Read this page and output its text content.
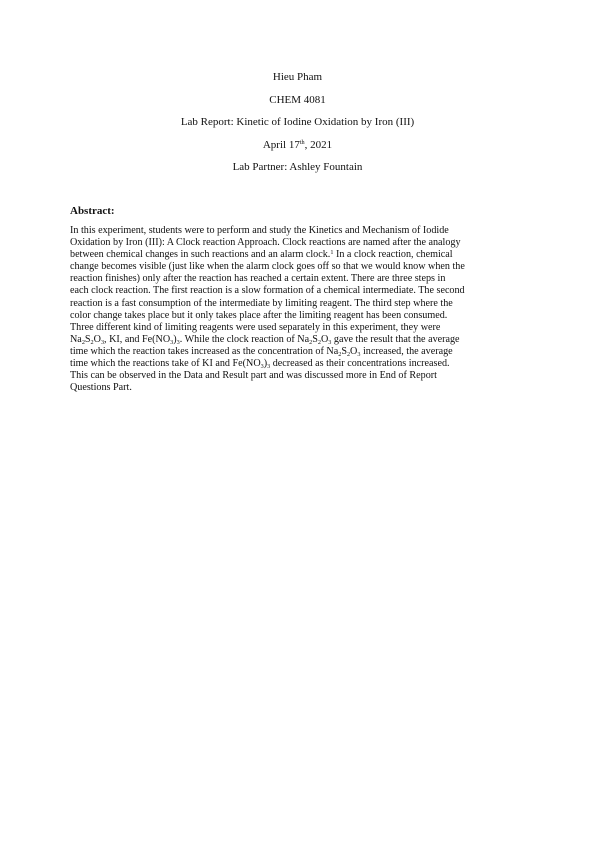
Hieu Pham
CHEM 4081
Lab Report: Kinetic of Iodine Oxidation by Iron (III)
April 17th, 2021
Lab Partner: Ashley Fountain
Abstract:
In this experiment, students were to perform and study the Kinetics and Mechanism of Iodide
Oxidation by Iron (III): A Clock reaction Approach. Clock reactions are named after the analogy
between chemical changes in such reactions and an alarm clock.$^1$ In a clock reaction, chemical
change becomes visible (just like when the alarm clock goes off so that we would know when the
reaction finishes) only after the reaction has reached a certain extent. There are three steps in
each clock reaction. The first reaction is a slow formation of a chemical intermediate. The second
reaction is a fast consumption of the intermediate by limiting reagent. The third step where the
color change takes place but it only takes place after the limiting reagent has been consumed.
Three different kind of limiting reagents were used separately in this experiment, they were
$Na_2S_2O_3$, KI, and $Fe(NO_3)_3$. While the clock reaction of $Na_2S_2O_3$ gave the result that the average
time which the reaction takes increased as the concentration of $Na_2S_2O_3$ increased, the average
time which the reactions take of KI and $Fe(NO_3)_3$ decreased as their concentrations increased.
This can be observed in the Data and Result part and was discussed more in End of Report
Questions Part.
